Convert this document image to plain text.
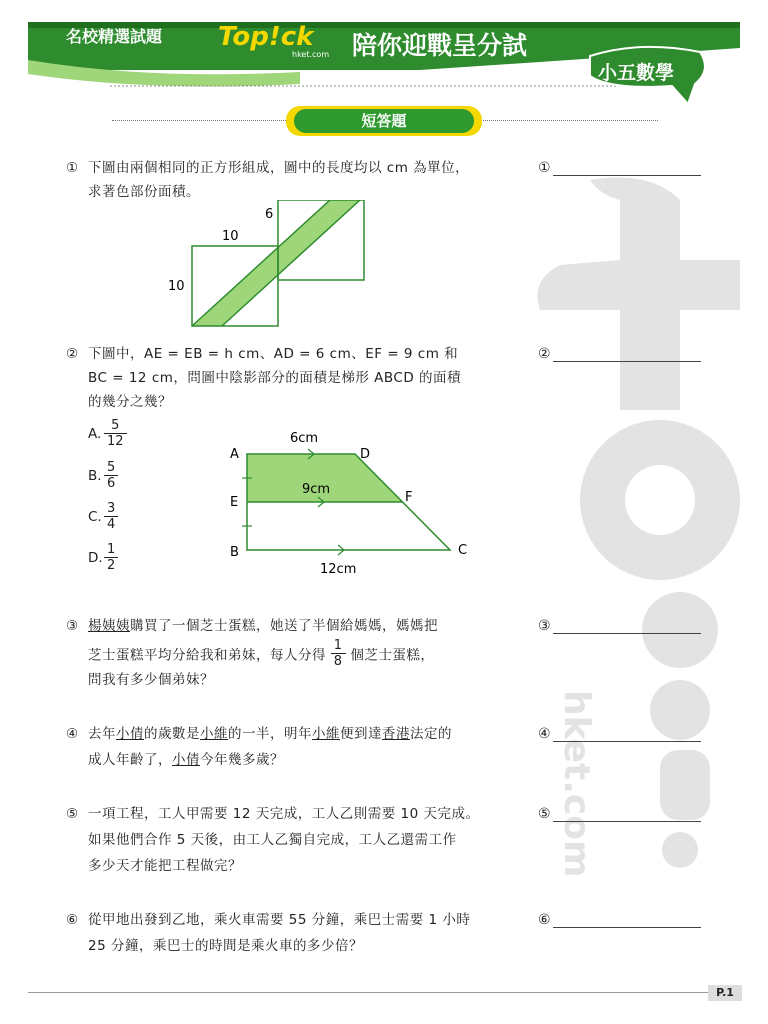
名校精選試題 Top!ck
hket.com 陪你迎戰呈分試
小五數學
hket.com
短答題
①
②
③
④
⑤
⑥
① 下圖由兩個相同的正方形組成，圖中的長度均以 cm 為單位，
求著色部份面積。
6
10
10
② 下圖中，AE = EB = h cm、AD = 6 cm、EF = 9 cm 和
BC = 12 cm，問圖中陰影部分的面積是梯形 ABCD 的面積
的幾分之幾？
A. $\frac{5}{12}$
B. $\frac{5}{6}$
C. $\frac{3}{4}$
D. $\frac{1}{2}$
A	D
E	F
B	C
6cm
9cm
12cm
③ 楊姨姨購買了一個芝士蛋糕，她送了半個給媽媽，媽媽把
芝士蛋糕平均分給我和弟妹，每人分得 $\frac{1}{8}$ 個芝士蛋糕，
問我有多少個弟妹？
④ 去年小倩的歲數是小維的一半，明年小維便到達香港法定的
成人年齡了，小倩今年幾多歲？
⑤ 一項工程，工人甲需要 12 天完成，工人乙則需要 10 天完成。
如果他們合作 5 天後，由工人乙獨自完成，工人乙還需工作
多少天才能把工程做完？
⑥ 從甲地出發到乙地，乘火車需要 55 分鐘，乘巴士需要 1 小時
25 分鐘，乘巴士的時間是乘火車的多少倍？
P.1
